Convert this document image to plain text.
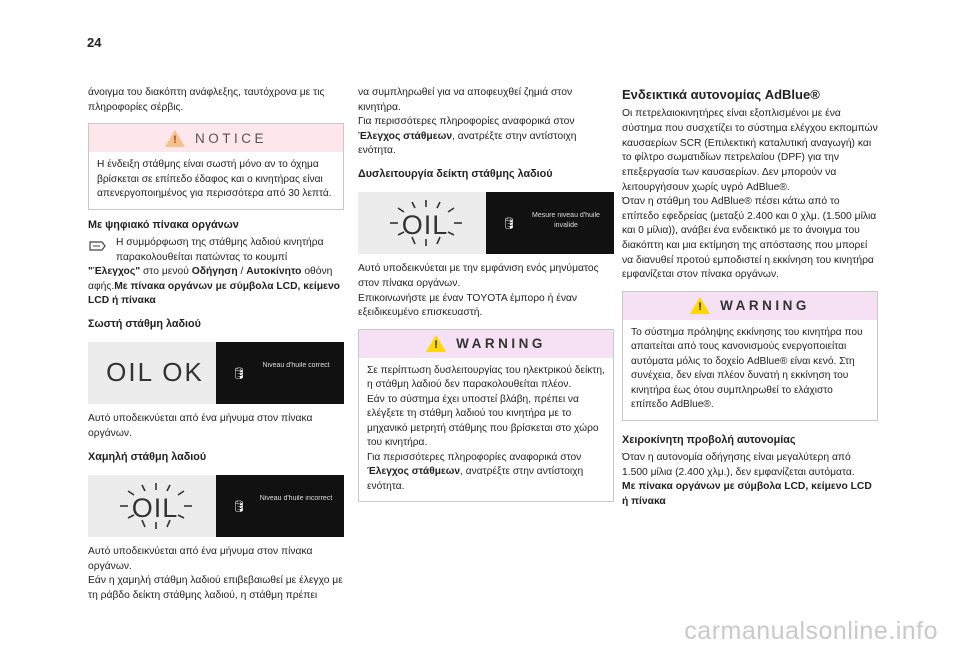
24

άνοιγμα του διακόπτη ανάφλεξης, ταυτόχρονα με τις πληροφορίες σέρβις.

! NOTICE
Η ένδειξη στάθμης είναι σωστή μόνο αν το όχημα βρίσκεται σε επίπεδο έδαφος και ο κινητήρας είναι απενεργοποιημένος για περισσότερα από 30 λεπτά.
Με ψηφιακό πίνακα οργάνων

Η συμμόρφωση της στάθμης λαδιού κινητήρα παρακολουθείται πατώντας το κουμπί

"Έλεγχος" στο μενού Οδήγηση / Αυτοκίνητο οθόνη αφής.Με πίνακα οργάνων με σύμβολα LCD, κείμενο LCD ή πίνακα

Σωστή στάθμη λαδιού
OIL OK	🛢
Niveau d'huile correct

Αυτό υποδεικνύεται από ένα μήνυμα στον πίνακα οργάνων.

Χαμηλή στάθμη λαδιού
OIL	🛢
Niveau d'huile incorrect

Αυτό υποδεικνύεται από ένα μήνυμα στον πίνακα οργάνων.

Εάν η χαμηλή στάθμη λαδιού επιβεβαιωθεί με έλεγχο με τη ράβδο δείκτη στάθμης λαδιού, η στάθμη πρέπει

να συμπληρωθεί για να αποφευχθεί ζημιά στον κινητήρα.

Για περισσότερες πληροφορίες αναφορικά στον Έλεγχος στάθμεων, ανατρέξτε στην αντίστοιχη ενότητα.

Δυσλειτουργία δείκτη στάθμης λαδιού
OIL	🛢
Mesure niveau d'huile invalide

Αυτό υποδεικνύεται με την εμφάνιση ενός μηνύματος στον πίνακα οργάνων.

Επικοινωνήστε με έναν TOYOTA έμπορο ή έναν εξειδικευμένο επισκευαστή.

! WARNING

Σε περίπτωση δυσλειτουργίας του ηλεκτρικού δείκτη, η στάθμη λαδιού δεν παρακολουθείται πλέον.

Εάν το σύστημα έχει υποστεί βλάβη, πρέπει να ελέγξετε τη στάθμη λαδιού του κινητήρα με το μηχανικό μετρητή στάθμης που βρίσκεται στο χώρο του κινητήρα.

Για περισσότερες πληροφορίες αναφορικά στον Έλεγχος στάθμεων, ανατρέξτε στην αντίστοιχη ενότητα.

Ενδεικτικά αυτονομίας AdBlue®

Οι πετρελαιοκινητήρες είναι εξοπλισμένοι με ένα σύστημα που συσχετίζει το σύστημα ελέγχου εκπομπών καυσαερίων SCR (Επιλεκτική καταλυτική αναγωγή) και το φίλτρο σωματιδίων πετρελαίου (DPF) για την επεξεργασία των καυσαερίων. Δεν μπορούν να λειτουργήσουν χωρίς υγρό AdBlue®.

Όταν η στάθμη του AdBlue® πέσει κάτω από το επίπεδο εφεδρείας (μεταξύ 2.400 και 0 χλμ. (1.500 μίλια και 0 μίλια)), ανάβει ένα ενδεικτικό με το άνοιγμα του διακόπτη και μια εκτίμηση της απόστασης που μπορεί να διανυθεί προτού εμποδιστεί η εκκίνηση του κινητήρα εμφανίζεται στον πίνακα οργάνων.

! WARNING
Το σύστημα πρόληψης εκκίνησης του κινητήρα που απαιτείται από τους κανονισμούς ενεργοποιείται αυτόματα μόλις το δοχείο AdBlue® είναι κενό. Στη συνέχεια, δεν είναι πλέον δυνατή η εκκίνηση του κινητήρα έως ότου συμπληρωθεί το ελάχιστο επίπεδο AdBlue®.
Χειροκίνητη προβολή αυτονομίας

Όταν η αυτονομία οδήγησης είναι μεγαλύτερη από 1.500 μίλια (2.400 χλμ.), δεν εμφανίζεται αυτόματα.

Με πίνακα οργάνων με σύμβολα LCD, κείμενο LCD ή πίνακα

carmanualsonline.info
